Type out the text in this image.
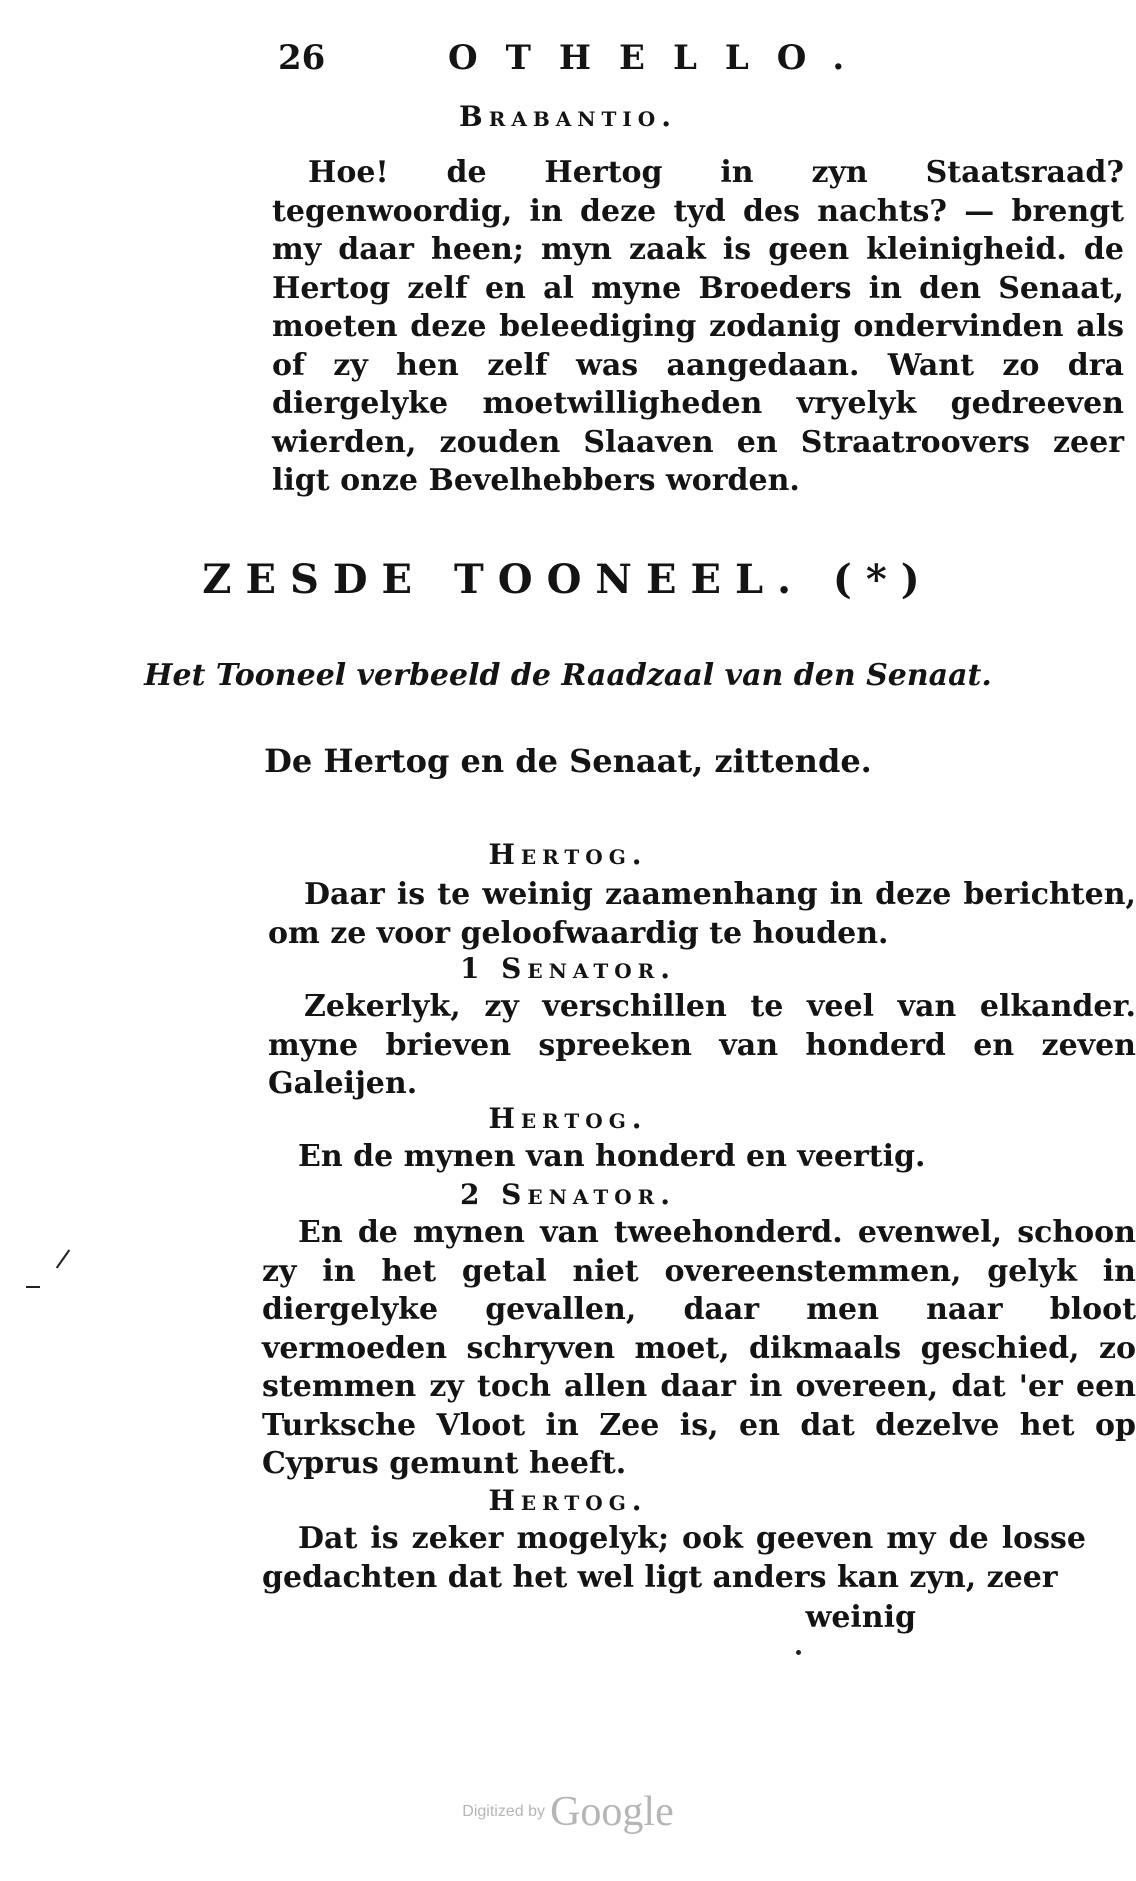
26	OTHELLO.
Brabantio.

Hoe! de Hertog in zyn Staatsraad? tegenwoordig, in deze tyd des nachts? — brengt my daar heen; myn zaak is geen kleinigheid. de Hertog zelf en al myne Broeders in den Senaat, moeten deze beleediging zodanig ondervinden als of zy hen zelf was aangedaan. Want zo dra diergelyke moetwilligheden vryelyk gedreeven wierden, zouden Slaaven en Straatroovers zeer ligt onze Bevelhebbers worden.

ZESDE TOONEEL. (*)
Het Tooneel verbeeld de Raadzaal van den Senaat.
De Hertog en de Senaat, zittende.
Hertog.

Daar is te weinig zaamenhang in deze berichten, om ze voor geloofwaardig te houden.

1 Senator.

Zekerlyk, zy verschillen te veel van elkander. myne brieven spreeken van honderd en zeven Galeijen.

Hertog.

En de mynen van honderd en veertig.

2 Senator.

En de mynen van tweehonderd. evenwel, schoon zy in het getal niet overeenstemmen, gelyk in diergelyke gevallen, daar men naar bloot vermoeden schryven moet, dikmaals geschied, zo stemmen zy toch allen daar in overeen, dat 'er een Turksche Vloot in Zee is, en dat dezelve het op Cyprus gemunt heeft.

Hertog.

Dat is zeker mogelyk; ook geeven my de losse gedachten dat het wel ligt anders kan zyn, zeer

weinig
Digitized by Google
